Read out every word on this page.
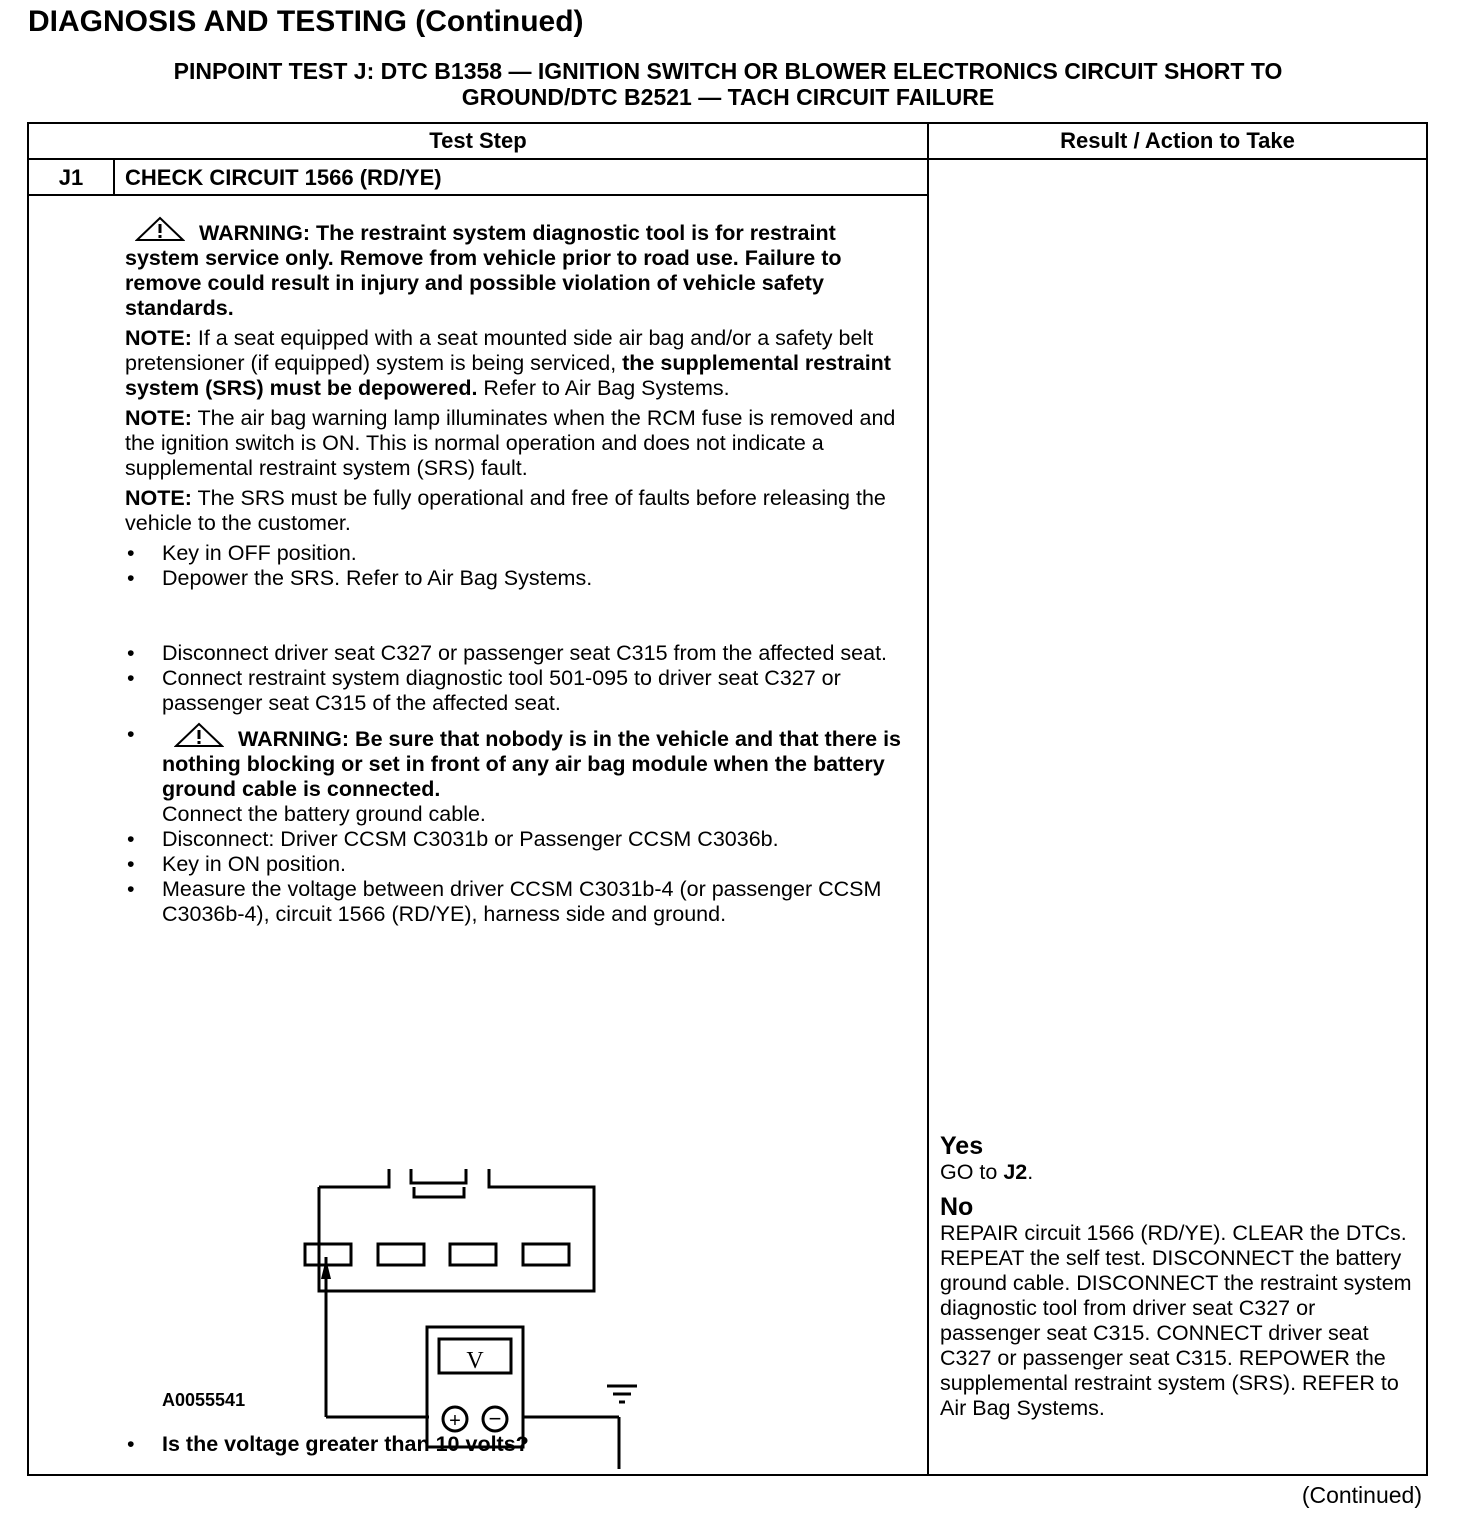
DIAGNOSIS AND TESTING (Continued)
PINPOINT TEST J: DTC B1358 — IGNITION SWITCH OR BLOWER ELECTRONICS CIRCUIT SHORT TO
GROUND/DTC B2521 — TACH CIRCUIT FAILURE
Test Step	Result / Action to Take
J1	CHECK CIRCUIT 1566 (RD/YE)

WARNING: The restraint system diagnostic tool is for restraint system service only. Remove from vehicle prior to road use. Failure to remove could result in injury and possible violation of vehicle safety standards.

NOTE: If a seat equipped with a seat mounted side air bag and/or a safety belt pretensioner (if equipped) system is being serviced, the supplemental restraint system (SRS) must be depowered. Refer to Air Bag Systems.

NOTE: The air bag warning lamp illuminates when the RCM fuse is removed and the ignition switch is ON. This is normal operation and does not indicate a supplemental restraint system (SRS) fault.

NOTE: The SRS must be fully operational and free of faults before releasing the vehicle to the customer.

• Key in OFF position.
• Depower the SRS. Refer to Air Bag Systems.
• Disconnect driver seat C327 or passenger seat C315 from the affected seat.
• Connect restraint system diagnostic tool 501-095 to driver seat C327 or passenger seat C315 of the affected seat.
• WARNING: Be sure that nobody is in the vehicle and that there is nothing blocking or set in front of any air bag module when the battery ground cable is connected.
Connect the battery ground cable.
• Disconnect: Driver CCSM C3031b or Passenger CCSM C3036b.
• Key in ON position.
• Measure the voltage between driver CCSM C3031b-4 (or passenger CCSM C3036b-4), circuit 1566 (RD/YE), harness side and ground.
V
+ −
A0055541
• Is the voltage greater than 10 volts?
Yes

GO to J2.

No

REPAIR circuit 1566 (RD/YE). CLEAR the DTCs. REPEAT the self test. DISCONNECT the battery ground cable. DISCONNECT the restraint system diagnostic tool from driver seat C327 or passenger seat C315. CONNECT driver seat C327 or passenger seat C315. REPOWER the supplemental restraint system (SRS). REFER to Air Bag Systems.

(Continued)
